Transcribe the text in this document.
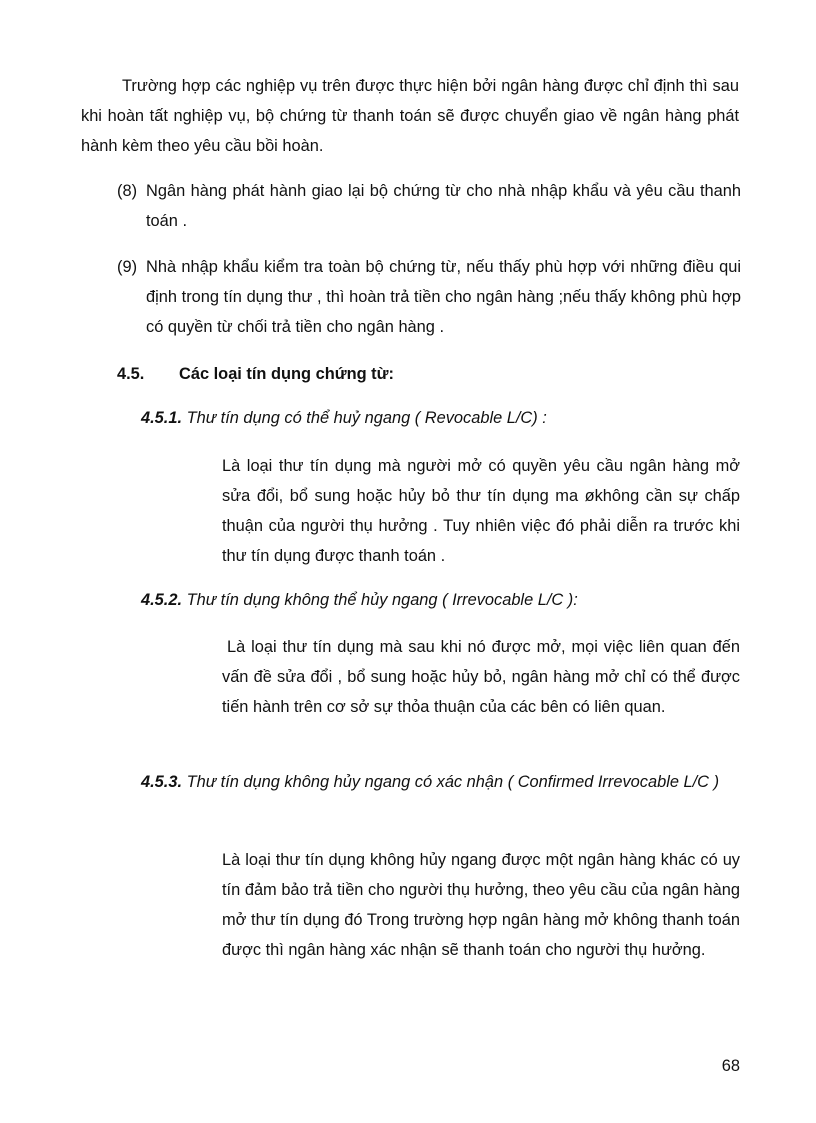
Trường hợp các nghiệp vụ trên được thực hiện bởi ngân hàng được chỉ định thì sau khi hoàn tất nghiệp vụ, bộ chứng từ thanh toán sẽ được chuyển giao về ngân hàng phát hành kèm theo yêu cầu bồi hoàn.

(8) Ngân hàng phát hành giao lại bộ chứng từ cho nhà nhập khẩu và yêu cầu thanh toán .
(9) Nhà nhập khẩu kiểm tra toàn bộ chứng từ, nếu thấy phù hợp với những điều qui định trong tín dụng thư , thì hoàn trả tiền cho ngân hàng ;nếu thấy không phù hợp có quyền từ chối trả tiền cho ngân hàng .

4.5. Các loại tín dụng chứng từ:

4.5.1. Thư tín dụng có thể huỷ ngang ( Revocable L/C) :

Là loại thư tín dụng mà người mở có quyền yêu cầu ngân hàng mở sửa đổi, bổ sung hoặc hủy bỏ thư tín dụng ma økhông cần sự chấp thuận của người thụ hưởng . Tuy nhiên việc đó phải diễn ra trước khi thư tín dụng được thanh toán .

4.5.2. Thư tín dụng không thể hủy ngang ( Irrevocable L/C ):

Là loại thư tín dụng mà sau khi nó được mở, mọi việc liên quan đến vấn đề sửa đổi , bổ sung hoặc hủy bỏ, ngân hàng mở chỉ có thể được tiến hành trên cơ sở sự thỏa thuận của các bên có liên quan.

4.5.3. Thư tín dụng không hủy ngang có xác nhận ( Confirmed Irrevocable L/C )

Là loại thư tín dụng không hủy ngang được một ngân hàng khác có uy tín đảm bảo trả tiền cho người thụ hưởng, theo yêu cầu của ngân hàng mở thư tín dụng đó Trong trường hợp ngân hàng mở không thanh toán được thì ngân hàng xác nhận sẽ thanh toán cho người thụ hưởng.

68
